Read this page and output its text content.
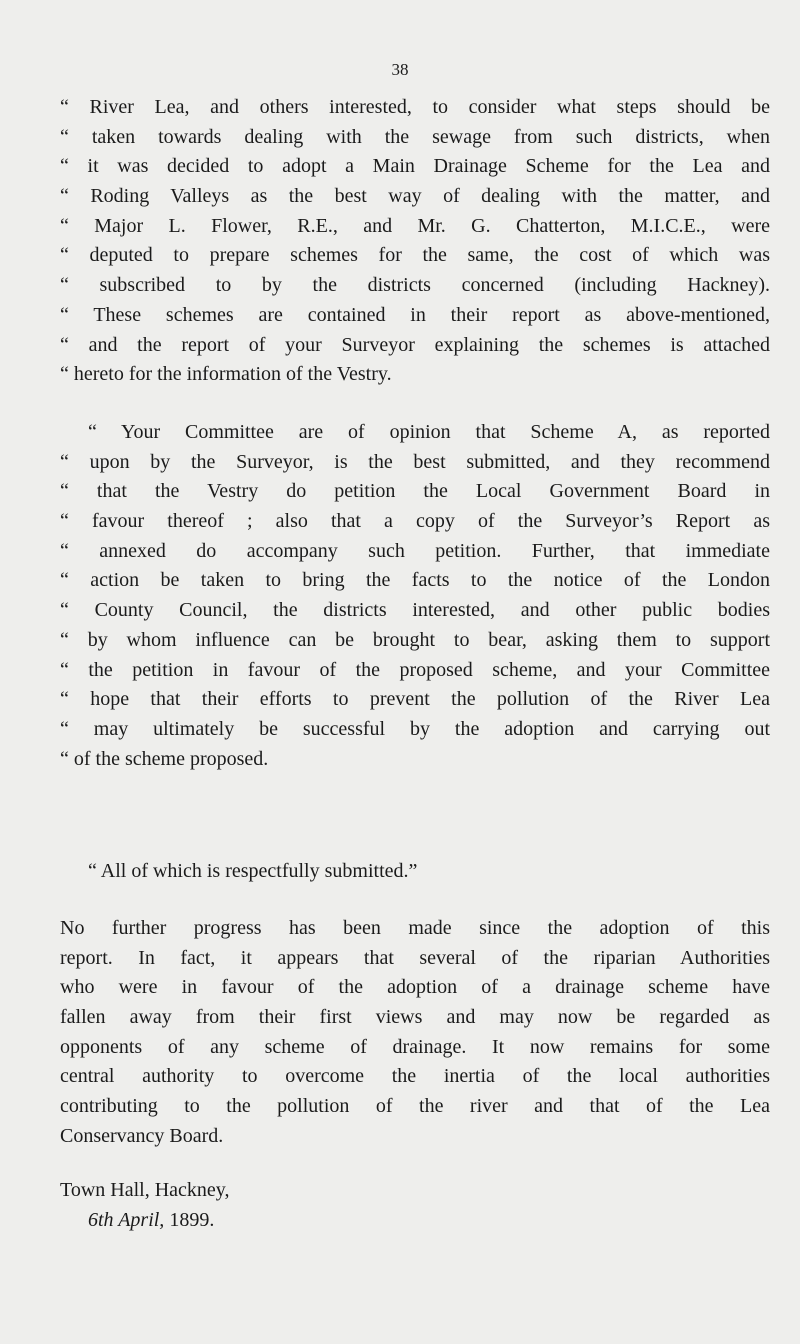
38
“ River Lea, and others interested, to consider what steps should be
“ taken towards dealing with the sewage from such districts, when
“ it was decided to adopt a Main Drainage Scheme for the Lea and
“ Roding Valleys as the best way of dealing with the matter, and
“ Major L. Flower, R.E., and Mr. G. Chatterton, M.I.C.E., were
“ deputed to prepare schemes for the same, the cost of which was
“ subscribed to by the districts concerned (including Hackney).
“ These schemes are contained in their report as above-mentioned,
“ and the report of your Surveyor explaining the schemes is attached
“ hereto for the information of the Vestry.
“ Your Committee are of opinion that Scheme A, as reported
“ upon by the Surveyor, is the best submitted, and they recommend
“ that the Vestry do petition the Local Government Board in
“ favour thereof ; also that a copy of the Surveyor’s Report as
“ annexed do accompany such petition. Further, that immediate
“ action be taken to bring the facts to the notice of the London
“ County Council, the districts interested, and other public bodies
“ by whom influence can be brought to bear, asking them to support
“ the petition in favour of the proposed scheme, and your Committee
“ hope that their efforts to prevent the pollution of the River Lea
“ may ultimately be successful by the adoption and carrying out
“ of the scheme proposed.
“ All of which is respectfully submitted.”
No further progress has been made since the adoption of this
report. In fact, it appears that several of the riparian Authorities
who were in favour of the adoption of a drainage scheme have
fallen away from their first views and may now be regarded as
opponents of any scheme of drainage. It now remains for some
central authority to overcome the inertia of the local authorities
contributing to the pollution of the river and that of the Lea
Conservancy Board.
Town Hall, Hackney,
6th April, 1899.
